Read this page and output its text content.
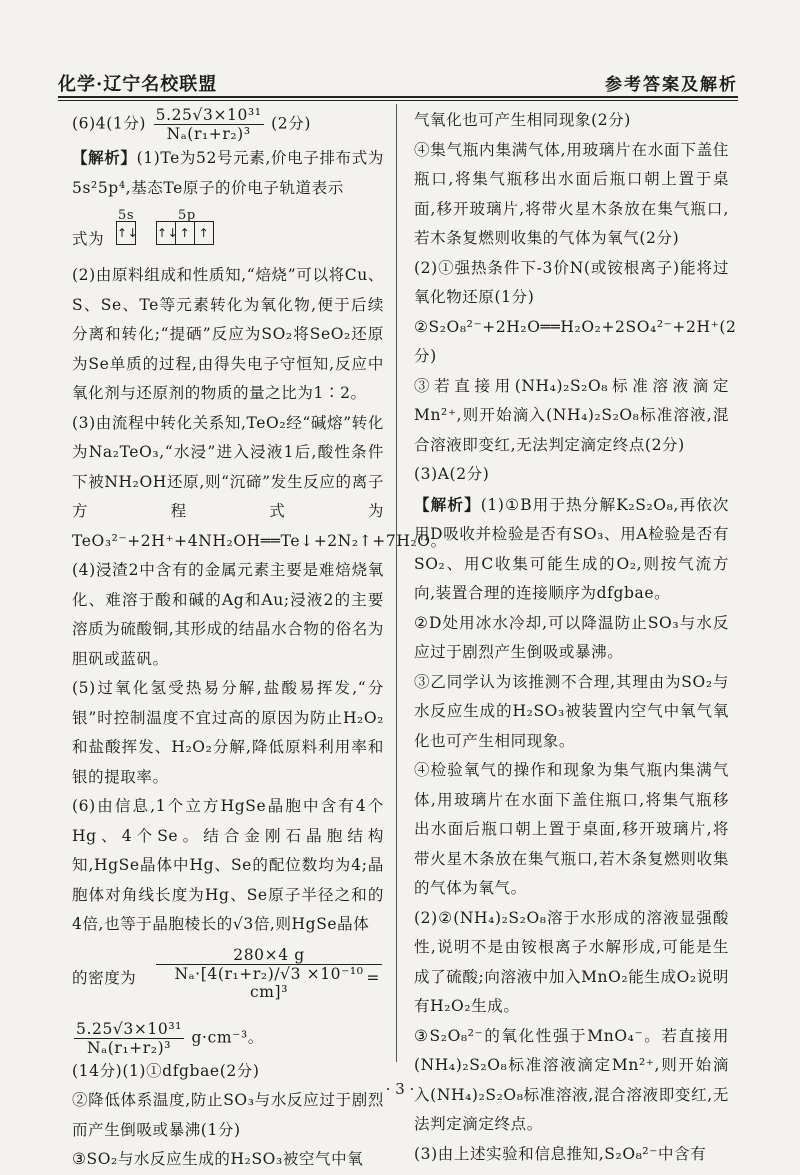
化学·辽宁名校联盟	参考答案及解析

(6)4(1分) $\frac{\text{5.25√3×10³¹}}{\text{Nₐ(r₁+r₂)³}} (2$分)

【解析】(1)Te为52号元素,价电子排布式为5s²5p⁴,基态Te原子的价电子轨道表示

式为
5s	5p
↑↓ ↑↓ ↑ ↑

(2)由原料组成和性质知,“焙烧”可以将Cu、S、Se、Te等元素转化为氧化物,便于后续分离和转化;“提硒”反应为SO₂将SeO₂还原为Se单质的过程,由得失电子守恒知,反应中氧化剂与还原剂的物质的量之比为1∶2。

(3)由流程中转化关系知,TeO₂经“碱熔”转化为Na₂TeO₃,“水浸”进入浸液1后,酸性条件下被NH₂OH还原,则“沉碲”发生反应的离子方程式为TeO₃²⁻+2H⁺+4NH₂OH══Te↓+2N₂↑+7H₂O。

(4)浸渣2中含有的金属元素主要是难焙烧氧化、难溶于酸和碱的Ag和Au;浸液2的主要溶质为硫酸铜,其形成的结晶水合物的俗名为胆矾或蓝矾。

(5)过氧化氢受热易分解,盐酸易挥发,“分银”时控制温度不宜过高的原因为防止H₂O₂和盐酸挥发、H₂O₂分解,降低原料利用率和银的提取率。

(6)由信息,1个立方HgSe晶胞中含有4个Hg、4个Se。结合金刚石晶胞结构知,HgSe晶体中Hg、Se的配位数均为4;晶胞体对角线长度为Hg、Se原子半径之和的4倍,也等于晶胞棱长的√3倍,则HgSe晶体

的密度为 $\frac{280\times 4 g}{\text{Nₐ·[4(r₁+r₂)/√3 ×10⁻¹⁰ cm]³}}$
=

$\frac{\text{5.25√3×10³¹}}{\text{Nₐ(r₁+r₂)³}} g\cdot cm^{-3}$。

(14分)(1)①dfgbae(2分)

②降低体系温度,防止SO₃与水反应过于剧烈而产生倒吸或暴沸(1分)

③SO₂与水反应生成的H₂SO₃被空气中氧

气氧化也可产生相同现象(2分)

④集气瓶内集满气体,用玻璃片在水面下盖住瓶口,将集气瓶移出水面后瓶口朝上置于桌面,移开玻璃片,将带火星木条放在集气瓶口,若木条复燃则收集的气体为氧气(2分)

(2)①强热条件下-3价N(或铵根离子)能将过氧化物还原(1分)

②S₂O₈²⁻+2H₂O══H₂O₂+2SO₄²⁻+2H⁺(2分)

③若直接用(NH₄)₂S₂O₈标准溶液滴定Mn²⁺,则开始滴入(NH₄)₂S₂O₈标准溶液,混合溶液即变红,无法判定滴定终点(2分)

(3)A(2分)

【解析】(1)①B用于热分解K₂S₂O₈,再依次用D吸收并检验是否有SO₃、用A检验是否有SO₂、用C收集可能生成的O₂,则按气流方向,装置合理的连接顺序为dfgbae。

②D处用冰水冷却,可以降温防止SO₃与水反应过于剧烈产生倒吸或暴沸。

③乙同学认为该推测不合理,其理由为SO₂与水反应生成的H₂SO₃被装置内空气中氧气氧化也可产生相同现象。

④检验氧气的操作和现象为集气瓶内集满气体,用玻璃片在水面下盖住瓶口,将集气瓶移出水面后瓶口朝上置于桌面,移开玻璃片,将带火星木条放在集气瓶口,若木条复燃则收集的气体为氧气。

(2)②(NH₄)₂S₂O₈溶于水形成的溶液显强酸性,说明不是由铵根离子水解形成,可能是生成了硫酸;向溶液中加入MnO₂能生成O₂说明有H₂O₂生成。

③S₂O₈²⁻的氧化性强于MnO₄⁻。若直接用(NH₄)₂S₂O₈标准溶液滴定Mn²⁺,则开始滴入(NH₄)₂S₂O₈标准溶液,混合溶液即变红,无法判定滴定终点。

(3)由上述实验和信息推知,S₂O₈²⁻中含有

· 3 ·
